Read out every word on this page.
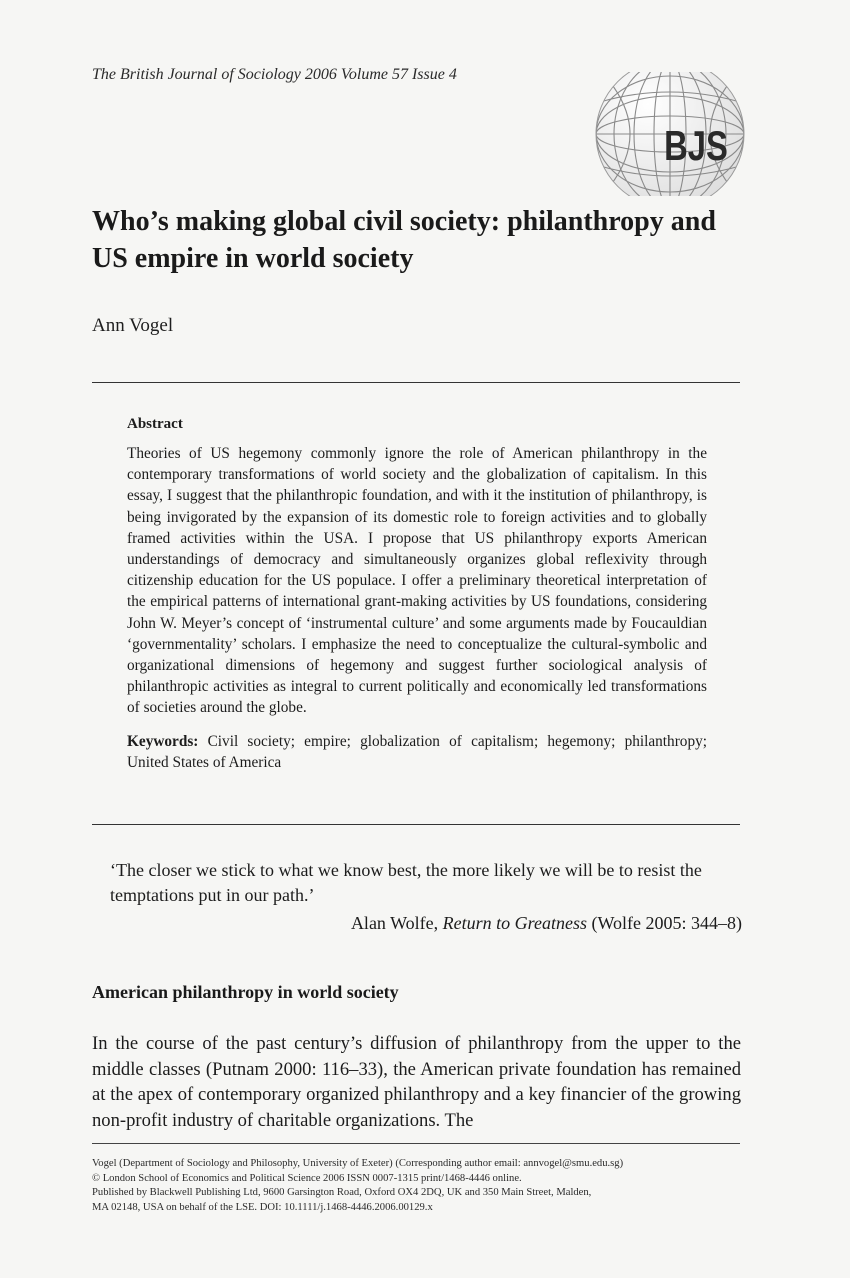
The British Journal of Sociology 2006 Volume 57 Issue 4
BJS
Who’s making global civil society: philanthropy and US empire in world society
Ann Vogel

Abstract

Theories of US hegemony commonly ignore the role of American philanthropy in the contemporary transformations of world society and the globalization of capitalism. In this essay, I suggest that the philanthropic foundation, and with it the institution of philanthropy, is being invigorated by the expansion of its domestic role to foreign activities and to globally framed activities within the USA. I propose that US philanthropy exports American understandings of democracy and simultaneously organizes global reflexivity through citizenship education for the US populace. I offer a preliminary theoretical interpretation of the empirical patterns of international grant-making activities by US foundations, considering John W. Meyer’s concept of ‘instrumental culture’ and some arguments made by Foucauldian ‘governmentality’ scholars. I emphasize the need to conceptualize the cultural-symbolic and organizational dimensions of hegemony and suggest further sociological analysis of philanthropic activities as integral to current politically and economically led transformations of societies around the globe.

Keywords: Civil society; empire; globalization of capitalism; hegemony; philanthropy; United States of America

‘The closer we stick to what we know best, the more likely we will be to resist the temptations put in our path.’

Alan Wolfe, Return to Greatness (Wolfe 2005: 344–8)

American philanthropy in world society

In the course of the past century’s diffusion of philanthropy from the upper to the middle classes (Putnam 2000: 116–33), the American private foundation has remained at the apex of contemporary organized philanthropy and a key financier of the growing non-profit industry of charitable organizations. The

Vogel (Department of Sociology and Philosophy, University of Exeter) (Corresponding author email: annvogel@smu.edu.sg)

© London School of Economics and Political Science 2006 ISSN 0007-1315 print/1468-4446 online.

Published by Blackwell Publishing Ltd, 9600 Garsington Road, Oxford OX4 2DQ, UK and 350 Main Street, Malden,

MA 02148, USA on behalf of the LSE. DOI: 10.1111/j.1468-4446.2006.00129.x
